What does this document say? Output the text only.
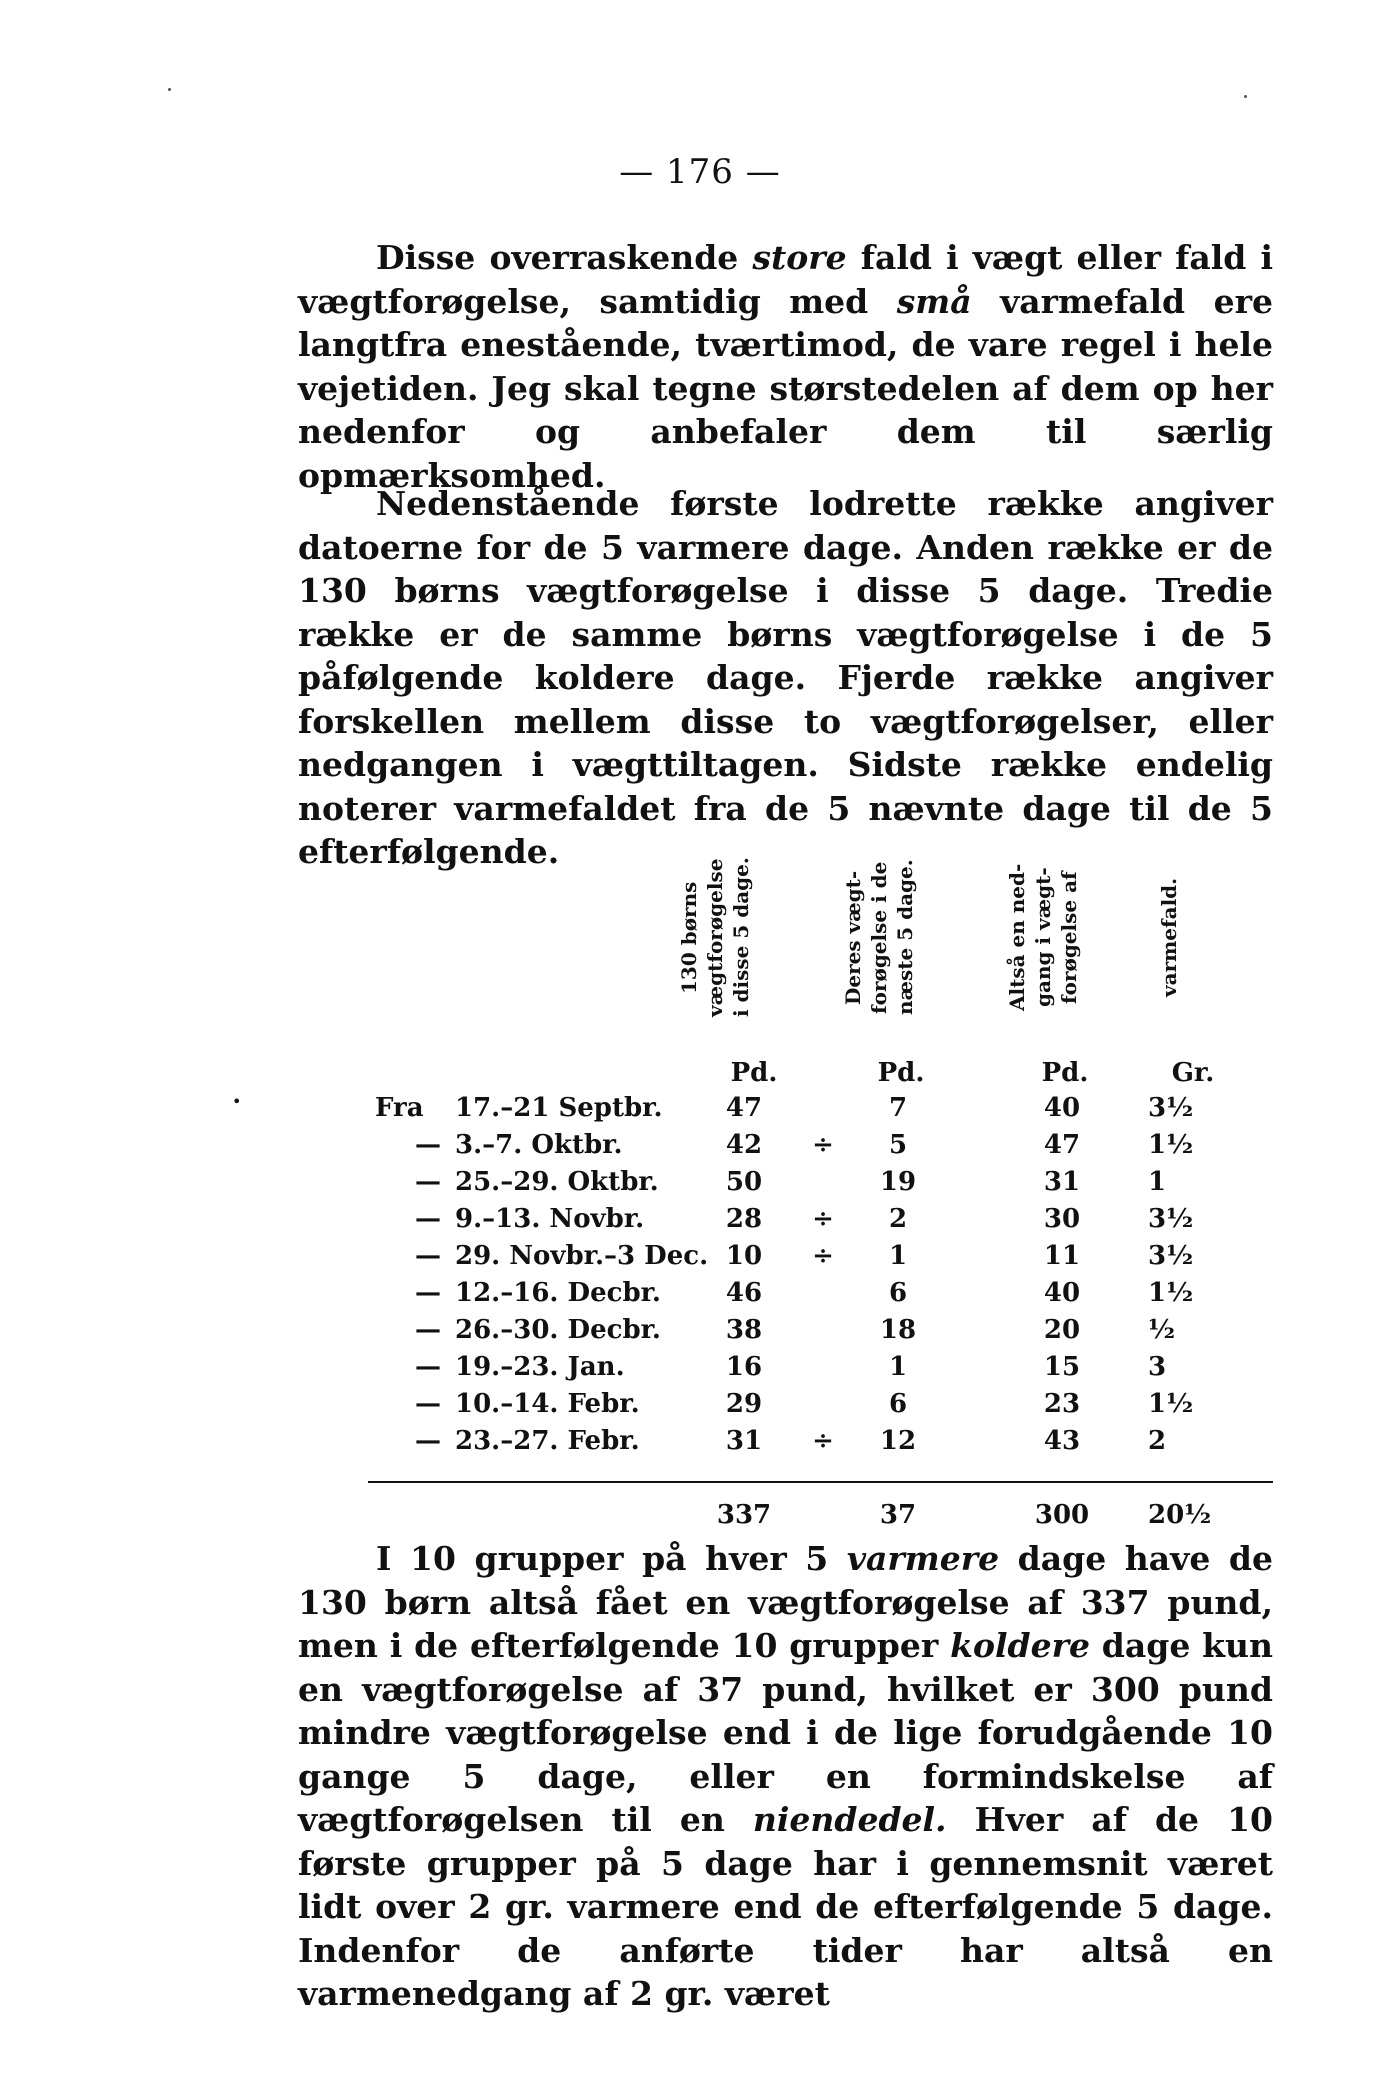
— 176 —

Disse overraskende store fald i vægt eller fald i vægtforøgelse, samtidig med små varmefald ere langtfra enestående, tværtimod, de vare regel i hele vejetiden. Jeg skal tegne størstedelen af dem op her nedenfor og anbefaler dem til særlig opmærksomhed.

Nedenstående første lodrette række angiver datoerne for de 5 varmere dage. Anden række er de 130 børns vægtforøgelse i disse 5 dage. Tredie række er de samme børns vægtforøgelse i de 5 påfølgende koldere dage. Fjerde række angiver forskellen mellem disse to vægtforøgelser, eller nedgangen i vægttiltagen. Sidste række endelig noterer varmefaldet fra de 5 nævnte dage til de 5 efterfølgende.

130 børns
vægtforøgelse
i disse 5 dage.
Deres vægt-
forøgelse i de
næste 5 dage.
Altså en ned-
gang i vægt-
forøgelse af	varmefald.
Pd.	Pd.	Pd.	Gr.
•	Fra 17.–21 Septbr.	47	7	40	3½
— 3.–7. Oktbr.	42	÷	5	47	1½
— 25.–29. Oktbr.	50	19	31	1
— 9.–13. Novbr.	28	÷	2	30	3½
— 29. Novbr.–3 Dec. 10	÷	1	11	3½
— 12.–16. Decbr.	46	6	40	1½
— 26.–30. Decbr.	38	18	20	½
— 19.–23. Jan.	16	1	15	3
— 10.–14. Febr.	29	6	23	1½
— 23.–27. Febr.	31	÷	12	43	2
337	37	300	20½

I 10 grupper på hver 5 varmere dage have de 130 børn altså fået en vægtforøgelse af 337 pund, men i de efterfølgende 10 grupper koldere dage kun en vægtforøgelse af 37 pund, hvilket er 300 pund mindre vægtforøgelse end i de lige forudgående 10 gange 5 dage, eller en formindskelse af vægtforøgelsen til en niendedel. Hver af de 10 første grupper på 5 dage har i gennemsnit været lidt over 2 gr. varmere end de efterfølgende 5 dage. Indenfor de anførte tider har altså en varmenedgang af 2 gr. været
